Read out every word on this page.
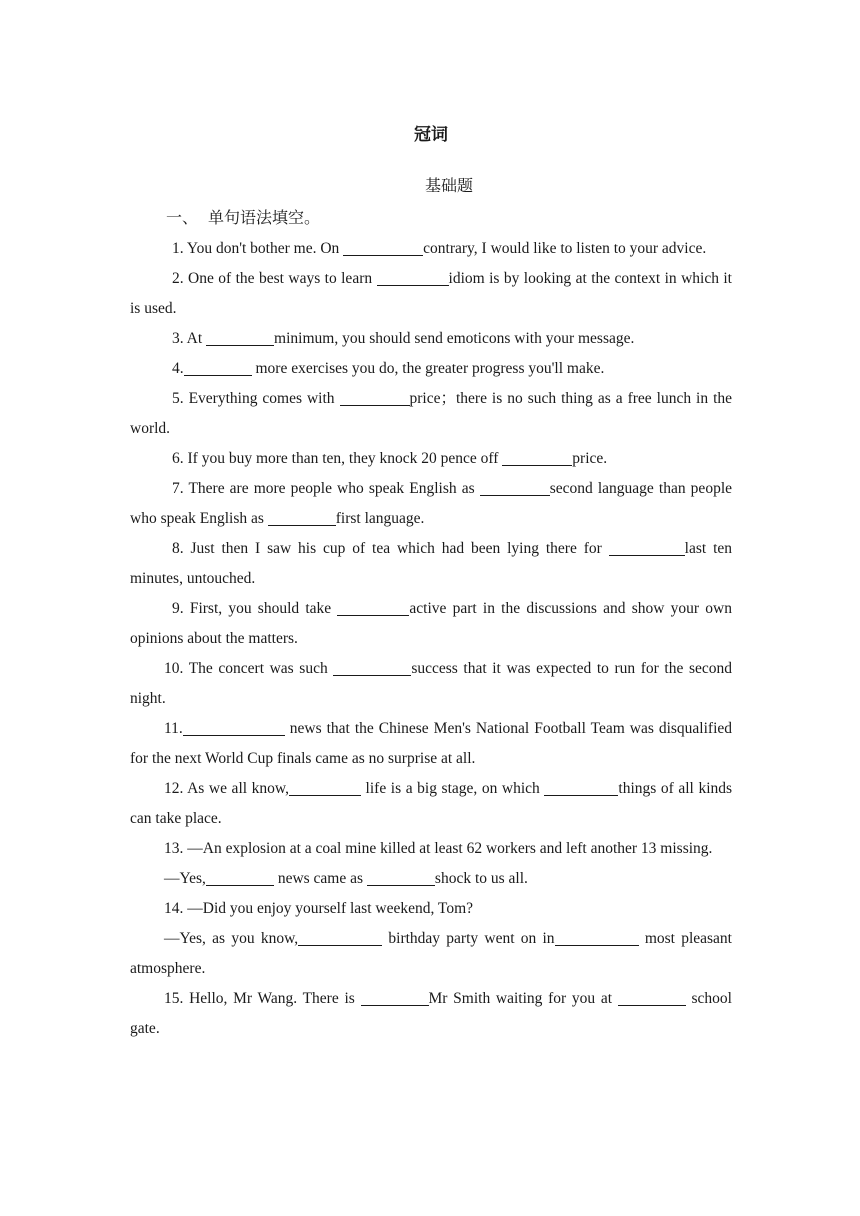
冠词
基础题
一、 单句语法填空。

1. You don't bother me. On	contrary, I would like to listen to your advice.

2. One of the best ways to learn	idiom is by looking at the context in which it is used.

3. At	minimum, you should send emoticons with your message.

4.	more exercises you do, the greater progress you'll make.

5. Everything comes with	price；there is no such thing as a free lunch in the world.

6. If you buy more than ten, they knock 20 pence off	price.

7. There are more people who speak English as	second language than people who speak English as	first language.

8. Just then I saw his cup of tea which had been lying there for	last ten minutes, untouched.

9. First, you should take	active part in the discussions and show your own opinions about the matters.

10. The concert was such	success that it was expected to run for the second night.

11.	news that the Chinese Men's National Football Team was disqualified for the next World Cup finals came as no surprise at all.

12. As we all know,	life is a big stage, on which	things of all kinds can take place.

13. —An explosion at a coal mine killed at least 62 workers and left another 13 missing.

—Yes,	news came as	shock to us all.

14. —Did you enjoy yourself last weekend, Tom?

—Yes, as you know,	birthday party went on in	most pleasant atmosphere.

15. Hello, Mr Wang. There is	Mr Smith waiting for you at	school gate.
